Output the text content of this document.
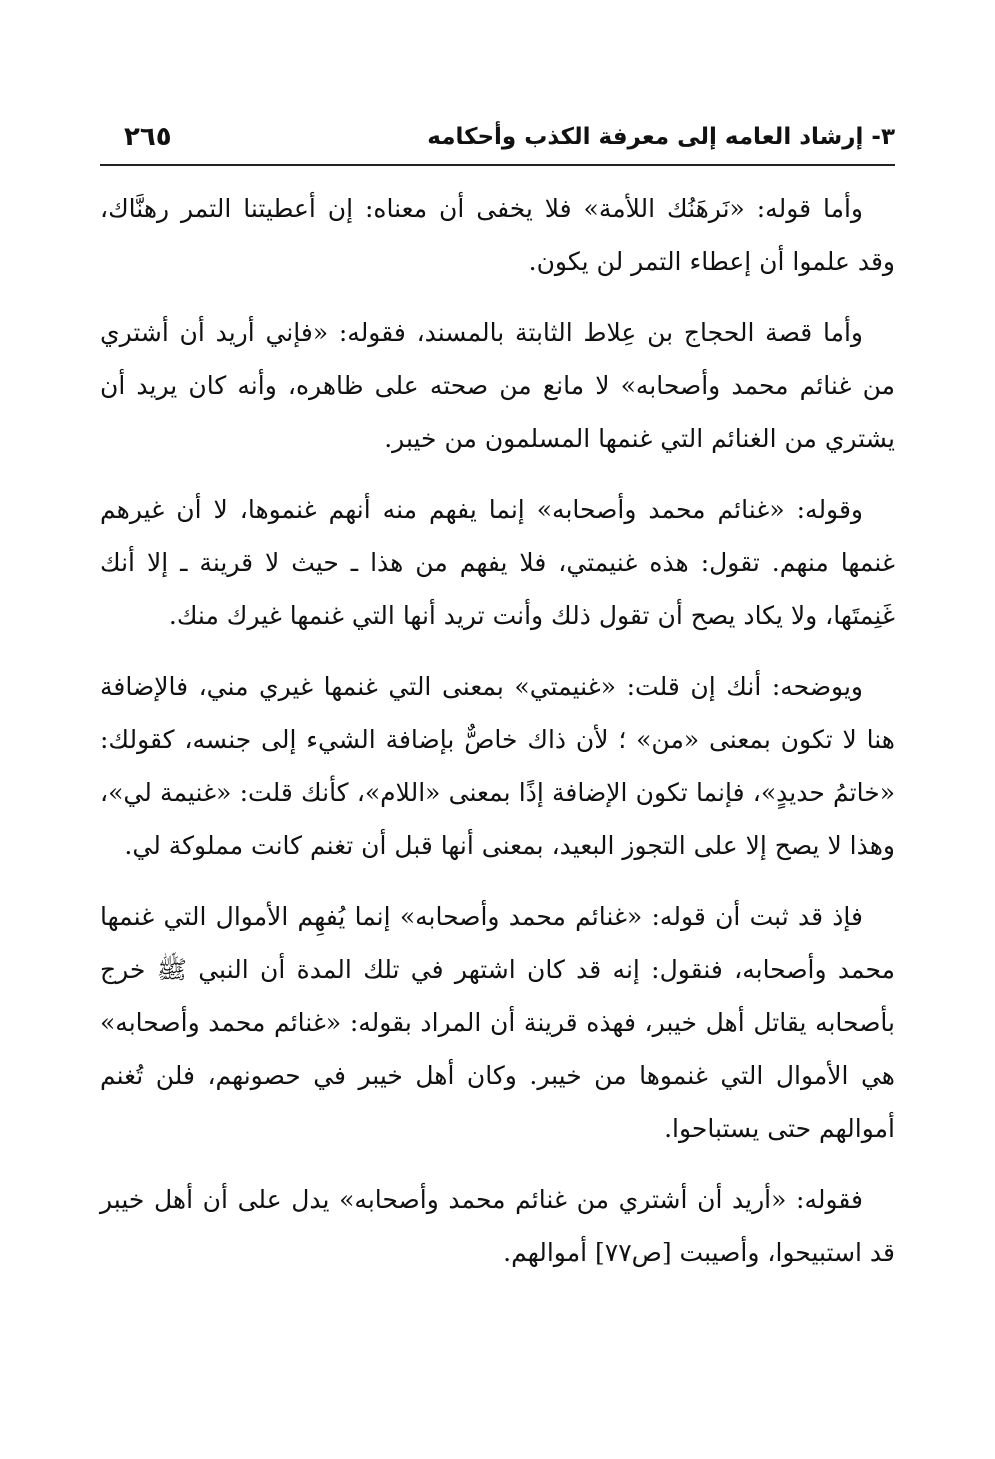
٣- إرشاد العامه إلى معرفة الكذب وأحكامه
٢٦٥

وأما قوله: «نَرهَنُك اللأمة» فلا يخفى أن معناه: إن أعطيتنا التمر رهنَّاك، وقد علموا أن إعطاء التمر لن يكون.

وأما قصة الحجاج بن عِلاط الثابتة بالمسند، فقوله: «فإني أريد أن أشتري من غنائم محمد وأصحابه» لا مانع من صحته على ظاهره، وأنه كان يريد أن يشتري من الغنائم التي غنمها المسلمون من خيبر.

وقوله: «غنائم محمد وأصحابه» إنما يفهم منه أنهم غنموها، لا أن غيرهم غنمها منهم. تقول: هذه غنيمتي، فلا يفهم من هذا ـ حيث لا قرينة ـ إلا أنك غَنِمتَها، ولا يكاد يصح أن تقول ذلك وأنت تريد أنها التي غنمها غيرك منك.

ويوضحه: أنك إن قلت: «غنيمتي» بمعنى التي غنمها غيري مني، فالإضافة هنا لا تكون بمعنى «من» ؛ لأن ذاك خاصٌّ بإضافة الشيء إلى جنسه، كقولك: «خاتمُ حديدٍ»، فإنما تكون الإضافة إذًا بمعنى «اللام»، كأنك قلت: «غنيمة لي»، وهذا لا يصح إلا على التجوز البعيد، بمعنى أنها قبل أن تغنم كانت مملوكة لي.

فإذ قد ثبت أن قوله: «غنائم محمد وأصحابه» إنما يُفهِم الأموال التي غنمها محمد وأصحابه، فنقول: إنه قد كان اشتهر في تلك المدة أن النبي ﷺ خرج بأصحابه يقاتل أهل خيبر، فهذه قرينة أن المراد بقوله: «غنائم محمد وأصحابه» هي الأموال التي غنموها من خيبر. وكان أهل خيبر في حصونهم، فلن تُغنم أموالهم حتى يستباحوا.

فقوله: «أريد أن أشتري من غنائم محمد وأصحابه» يدل على أن أهل خيبر قد استبيحوا، وأصيبت [ص٧٧] أموالهم.
